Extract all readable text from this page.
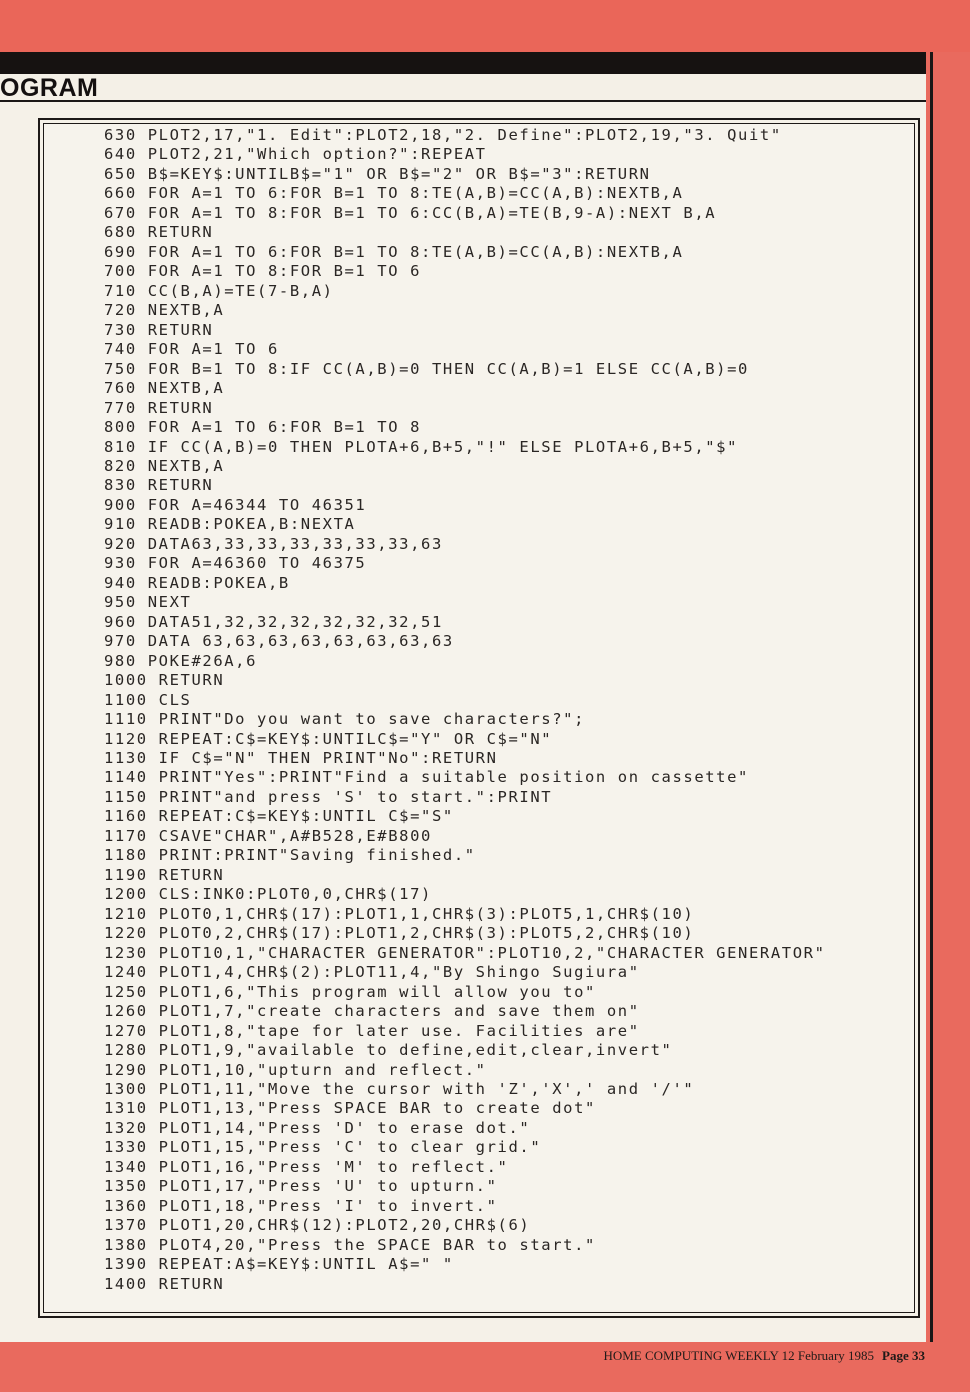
OGRAM
630 PLOT2,17,"1. Edit":PLOT2,18,"2. Define":PLOT2,19,"3. Quit"
640 PLOT2,21,"Which option?":REPEAT
650 B$=KEY$:UNTILB$="1" OR B$="2" OR B$="3":RETURN
660 FOR A=1 TO 6:FOR B=1 TO 8:TE(A,B)=CC(A,B):NEXTB,A
670 FOR A=1 TO 8:FOR B=1 TO 6:CC(B,A)=TE(B,9-A):NEXT B,A
680 RETURN
690 FOR A=1 TO 6:FOR B=1 TO 8:TE(A,B)=CC(A,B):NEXTB,A
700 FOR A=1 TO 8:FOR B=1 TO 6
710 CC(B,A)=TE(7-B,A)
720 NEXTB,A
730 RETURN
740 FOR A=1 TO 6
750 FOR B=1 TO 8:IF CC(A,B)=0 THEN CC(A,B)=1 ELSE CC(A,B)=0
760 NEXTB,A
770 RETURN
800 FOR A=1 TO 6:FOR B=1 TO 8
810 IF CC(A,B)=0 THEN PLOTA+6,B+5,"!" ELSE PLOTA+6,B+5,"$"
820 NEXTB,A
830 RETURN
900 FOR A=46344 TO 46351
910 READB:POKEA,B:NEXTA
920 DATA63,33,33,33,33,33,33,63
930 FOR A=46360 TO 46375
940 READB:POKEA,B
950 NEXT
960 DATA51,32,32,32,32,32,32,51
970 DATA 63,63,63,63,63,63,63,63
980 POKE#26A,6
1000 RETURN
1100 CLS
1110 PRINT"Do you want to save characters?";
1120 REPEAT:C$=KEY$:UNTILC$="Y" OR C$="N"
1130 IF C$="N" THEN PRINT"No":RETURN
1140 PRINT"Yes":PRINT"Find a suitable position on cassette"
1150 PRINT"and press 'S' to start.":PRINT
1160 REPEAT:C$=KEY$:UNTIL C$="S"
1170 CSAVE"CHAR",A#B528,E#B800
1180 PRINT:PRINT"Saving finished."
1190 RETURN
1200 CLS:INK0:PLOT0,0,CHR$(17)
1210 PLOT0,1,CHR$(17):PLOT1,1,CHR$(3):PLOT5,1,CHR$(10)
1220 PLOT0,2,CHR$(17):PLOT1,2,CHR$(3):PLOT5,2,CHR$(10)
1230 PLOT10,1,"CHARACTER GENERATOR":PLOT10,2,"CHARACTER GENERATOR"
1240 PLOT1,4,CHR$(2):PLOT11,4,"By Shingo Sugiura"
1250 PLOT1,6,"This program will allow you to"
1260 PLOT1,7,"create characters and save them on"
1270 PLOT1,8,"tape for later use. Facilities are"
1280 PLOT1,9,"available to define,edit,clear,invert"
1290 PLOT1,10,"upturn and reflect."
1300 PLOT1,11,"Move the cursor with 'Z','X',' and '/'"
1310 PLOT1,13,"Press SPACE BAR to create dot"
1320 PLOT1,14,"Press 'D' to erase dot."
1330 PLOT1,15,"Press 'C' to clear grid."
1340 PLOT1,16,"Press 'M' to reflect."
1350 PLOT1,17,"Press 'U' to upturn."
1360 PLOT1,18,"Press 'I' to invert."
1370 PLOT1,20,CHR$(12):PLOT2,20,CHR$(6)
1380 PLOT4,20,"Press the SPACE BAR to start."
1390 REPEAT:A$=KEY$:UNTIL A$=" "
1400 RETURN
HOME COMPUTING WEEKLY 12 February 1985 Page 33
